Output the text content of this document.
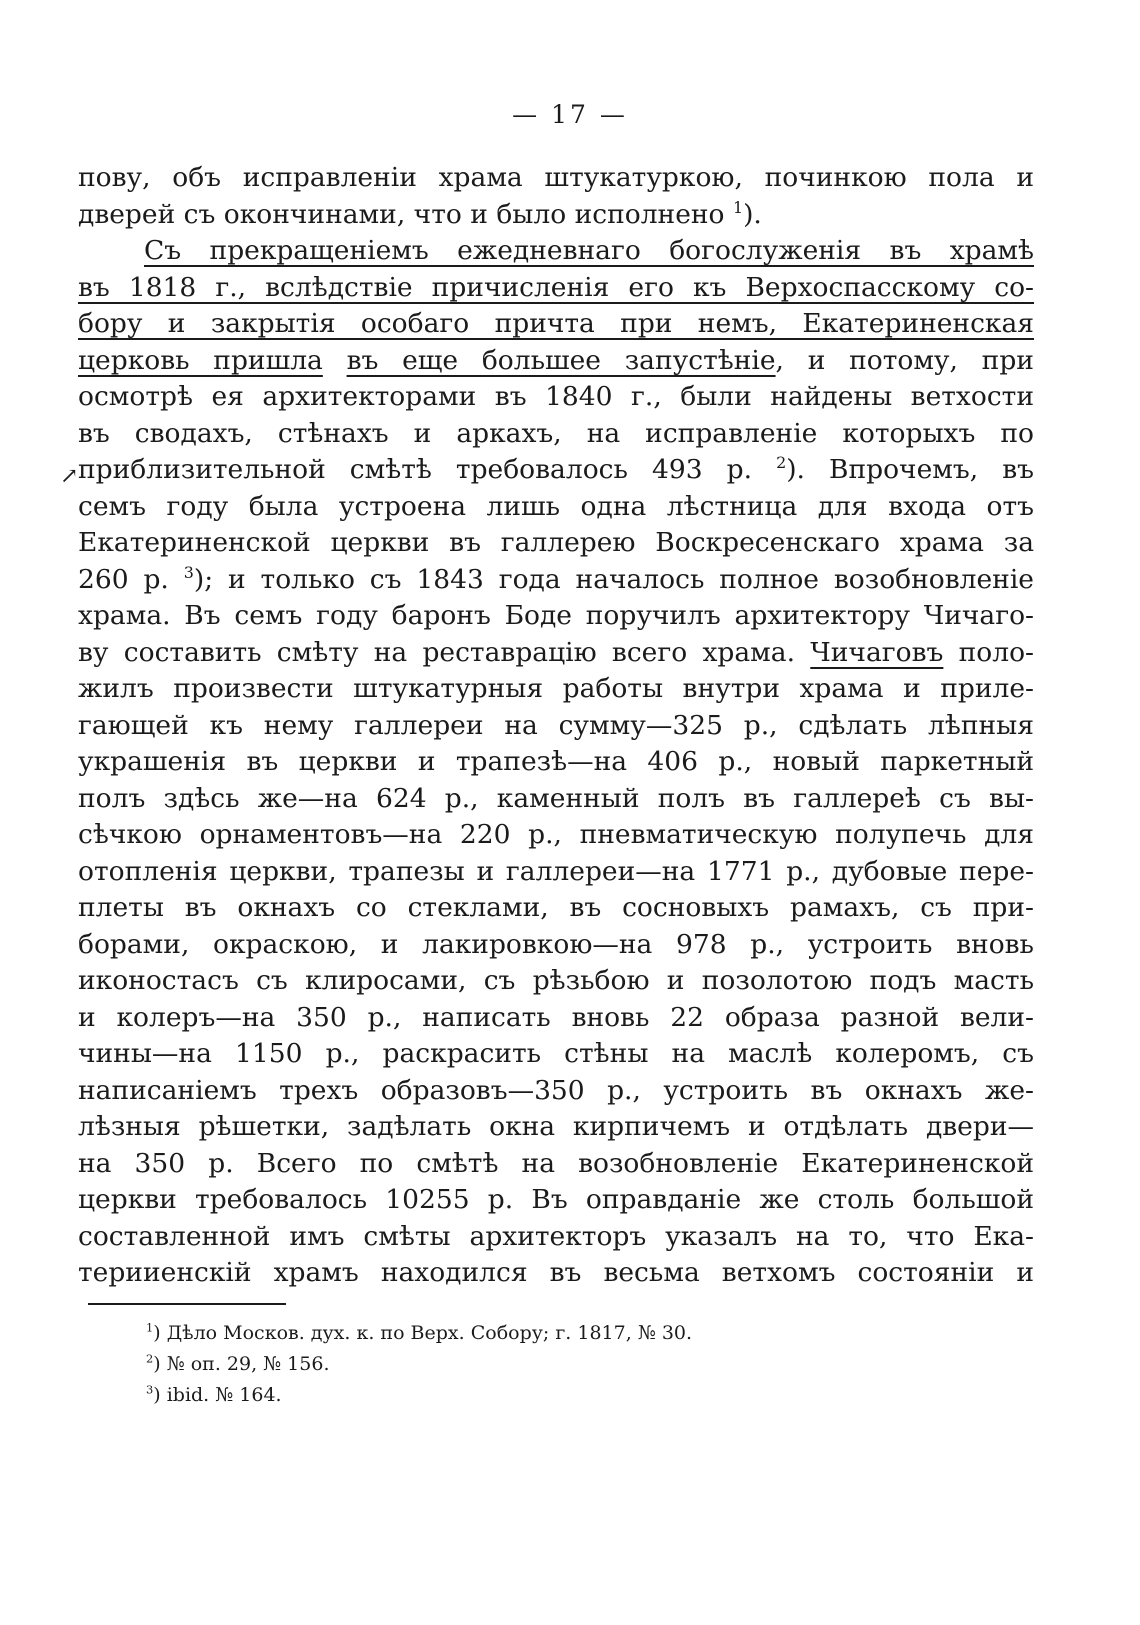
— 17 —
↗
пову, объ исправленіи храма штукатуркою, починкою пола и
дверей съ окончинами, что и было исполнено $^1$).
Съ прекращеніемъ ежедневнаго богослуженія въ храмѣ
въ 1818 г., вслѣдствіе причисленія его къ Верхоспасскому со-
бору и закрытія особаго причта при немъ, Екатериненская
церковь пришла въ еще большее запустѣніе, и потому, при
осмотрѣ ея архитекторами въ 1840 г., были найдены ветхости
въ сводахъ, стѣнахъ и аркахъ, на исправленіе которыхъ по
приблизительной смѣтѣ требовалось 493 р. $^2$). Впрочемъ, въ
семъ году была устроена лишь одна лѣстница для входа отъ
Екатериненской церкви въ галлерею Воскресенскаго храма за
260 р. $^3$); и только съ 1843 года началось полное возобновленіе
храма. Въ семъ году баронъ Боде поручилъ архитектору Чичаго-
ву составить смѣту на реставрацію всего храма. Чичаговъ поло-
жилъ произвести штукатурныя работы внутри храма и приле-
гающей къ нему галлереи на сумму—325 р., сдѣлать лѣпныя
украшенія въ церкви и трапезѣ—на 406 р., новый паркетный
полъ здѣсь же—на 624 р., каменный полъ въ галлереѣ съ вы-
сѣчкою орнаментовъ—на 220 р., пневматическую полупечь для
отопленія церкви, трапезы и галлереи—на 1771 р., дубовые пере-
плеты въ окнахъ со стеклами, въ сосновыхъ рамахъ, съ при-
борами, окраскою, и лакировкою—на 978 р., устроить вновь
иконостасъ съ клиросами, съ рѣзьбою и позолотою подъ масть
и колеръ—на 350 р., написать вновь 22 образа разной вели-
чины—на 1150 р., раскрасить стѣны на маслѣ колеромъ, съ
написаніемъ трехъ образовъ—350 р., устроить въ окнахъ же-
лѣзныя рѣшетки, задѣлать окна кирпичемъ и отдѣлать двери—
на 350 р. Всего по смѣтѣ на возобновленіе Екатериненской
церкви требовалось 10255 р. Въ оправданіе же столь большой
составленной имъ смѣты архитекторъ указалъ на то, что Ека-
терииенскій храмъ находился въ весьма ветхомъ состояніи и
$^1$) Дѣло Москов. дух. к. по Верх. Собору; г. 1817, № 30.
$^2$) № оп. 29, № 156.
$^3$) ibid. № 164.
